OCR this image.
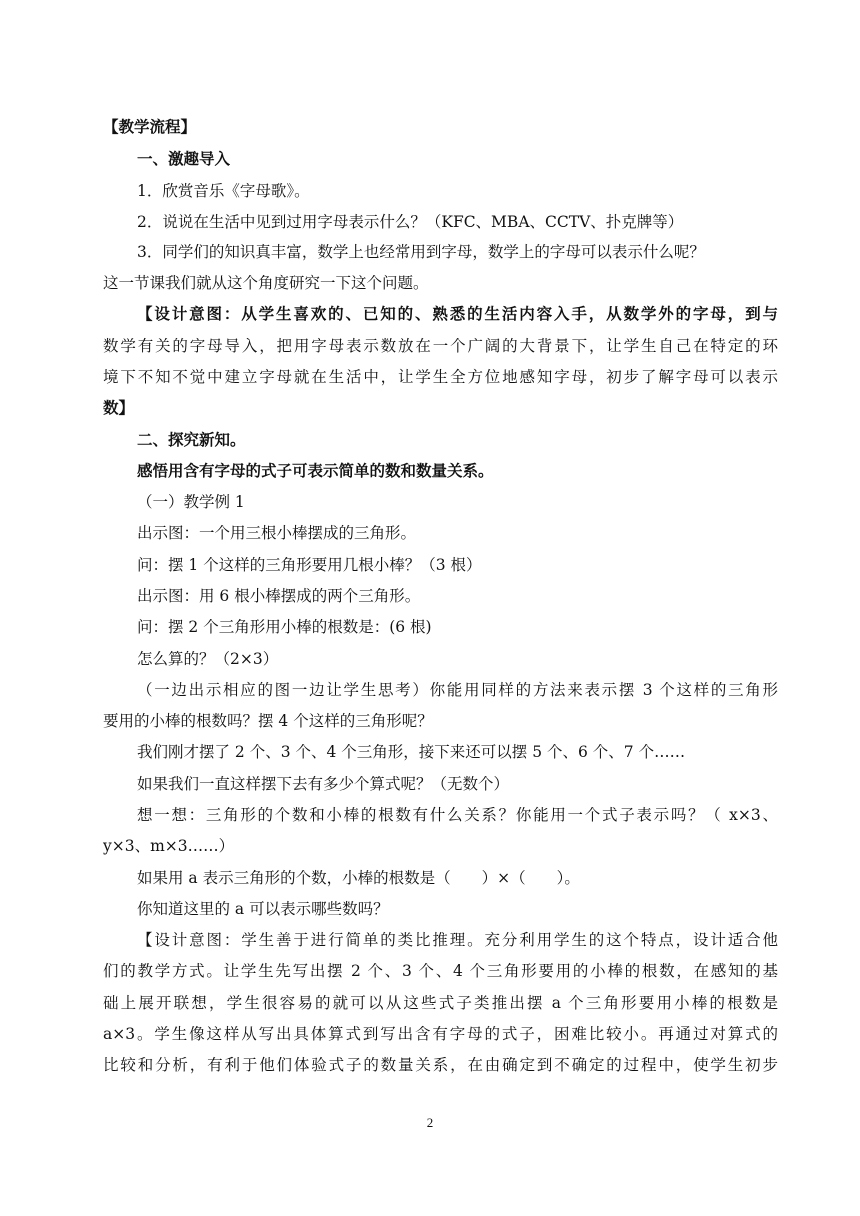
【教学流程】
一、激趣导入
1．欣赏音乐《字母歌》。
2．说说在生活中见到过用字母表示什么？（KFC、MBA、CCTV、扑克牌等）
3．同学们的知识真丰富，数学上也经常用到字母，数学上的字母可以表示什么呢？
这一节课我们就从这个角度研究一下这个问题。
【设计意图：从学生喜欢的、已知的、熟悉的生活内容入手，从数学外的字母，到与
数学有关的字母导入，把用字母表示数放在一个广阔的大背景下，让学生自己在特定的环
境下不知不觉中建立字母就在生活中，让学生全方位地感知字母，初步了解字母可以表示
数】
二、探究新知。
感悟用含有字母的式子可表示简单的数和数量关系。
（一）教学例 1
出示图：一个用三根小棒摆成的三角形。
问：摆 1 个这样的三角形要用几根小棒？（3 根）
出示图：用 6 根小棒摆成的两个三角形。
问：摆 2 个三角形用小棒的根数是：(6 根)
怎么算的？（2×3）
（一边出示相应的图一边让学生思考）你能用同样的方法来表示摆 3 个这样的三角形
要用的小棒的根数吗？摆 4 个这样的三角形呢？
我们刚才摆了 2 个、3 个、4 个三角形，接下来还可以摆 5 个、6 个、7 个……
如果我们一直这样摆下去有多少个算式呢？（无数个）
想一想：三角形的个数和小棒的根数有什么关系？你能用一个式子表示吗？（ x×3、
y×3、m×3……）
如果用 a 表示三角形的个数，小棒的根数是（　　）×（　　）。
你知道这里的 a 可以表示哪些数吗？
【设计意图：学生善于进行简单的类比推理。充分利用学生的这个特点，设计适合他
们的教学方式。让学生先写出摆 2 个、3 个、4 个三角形要用的小棒的根数，在感知的基
础上展开联想，学生很容易的就可以从这些式子类推出摆 a 个三角形要用小棒的根数是
a×3。学生像这样从写出具体算式到写出含有字母的式子，困难比较小。再通过对算式的
比较和分析，有利于他们体验式子的数量关系，在由确定到不确定的过程中，使学生初步
2
